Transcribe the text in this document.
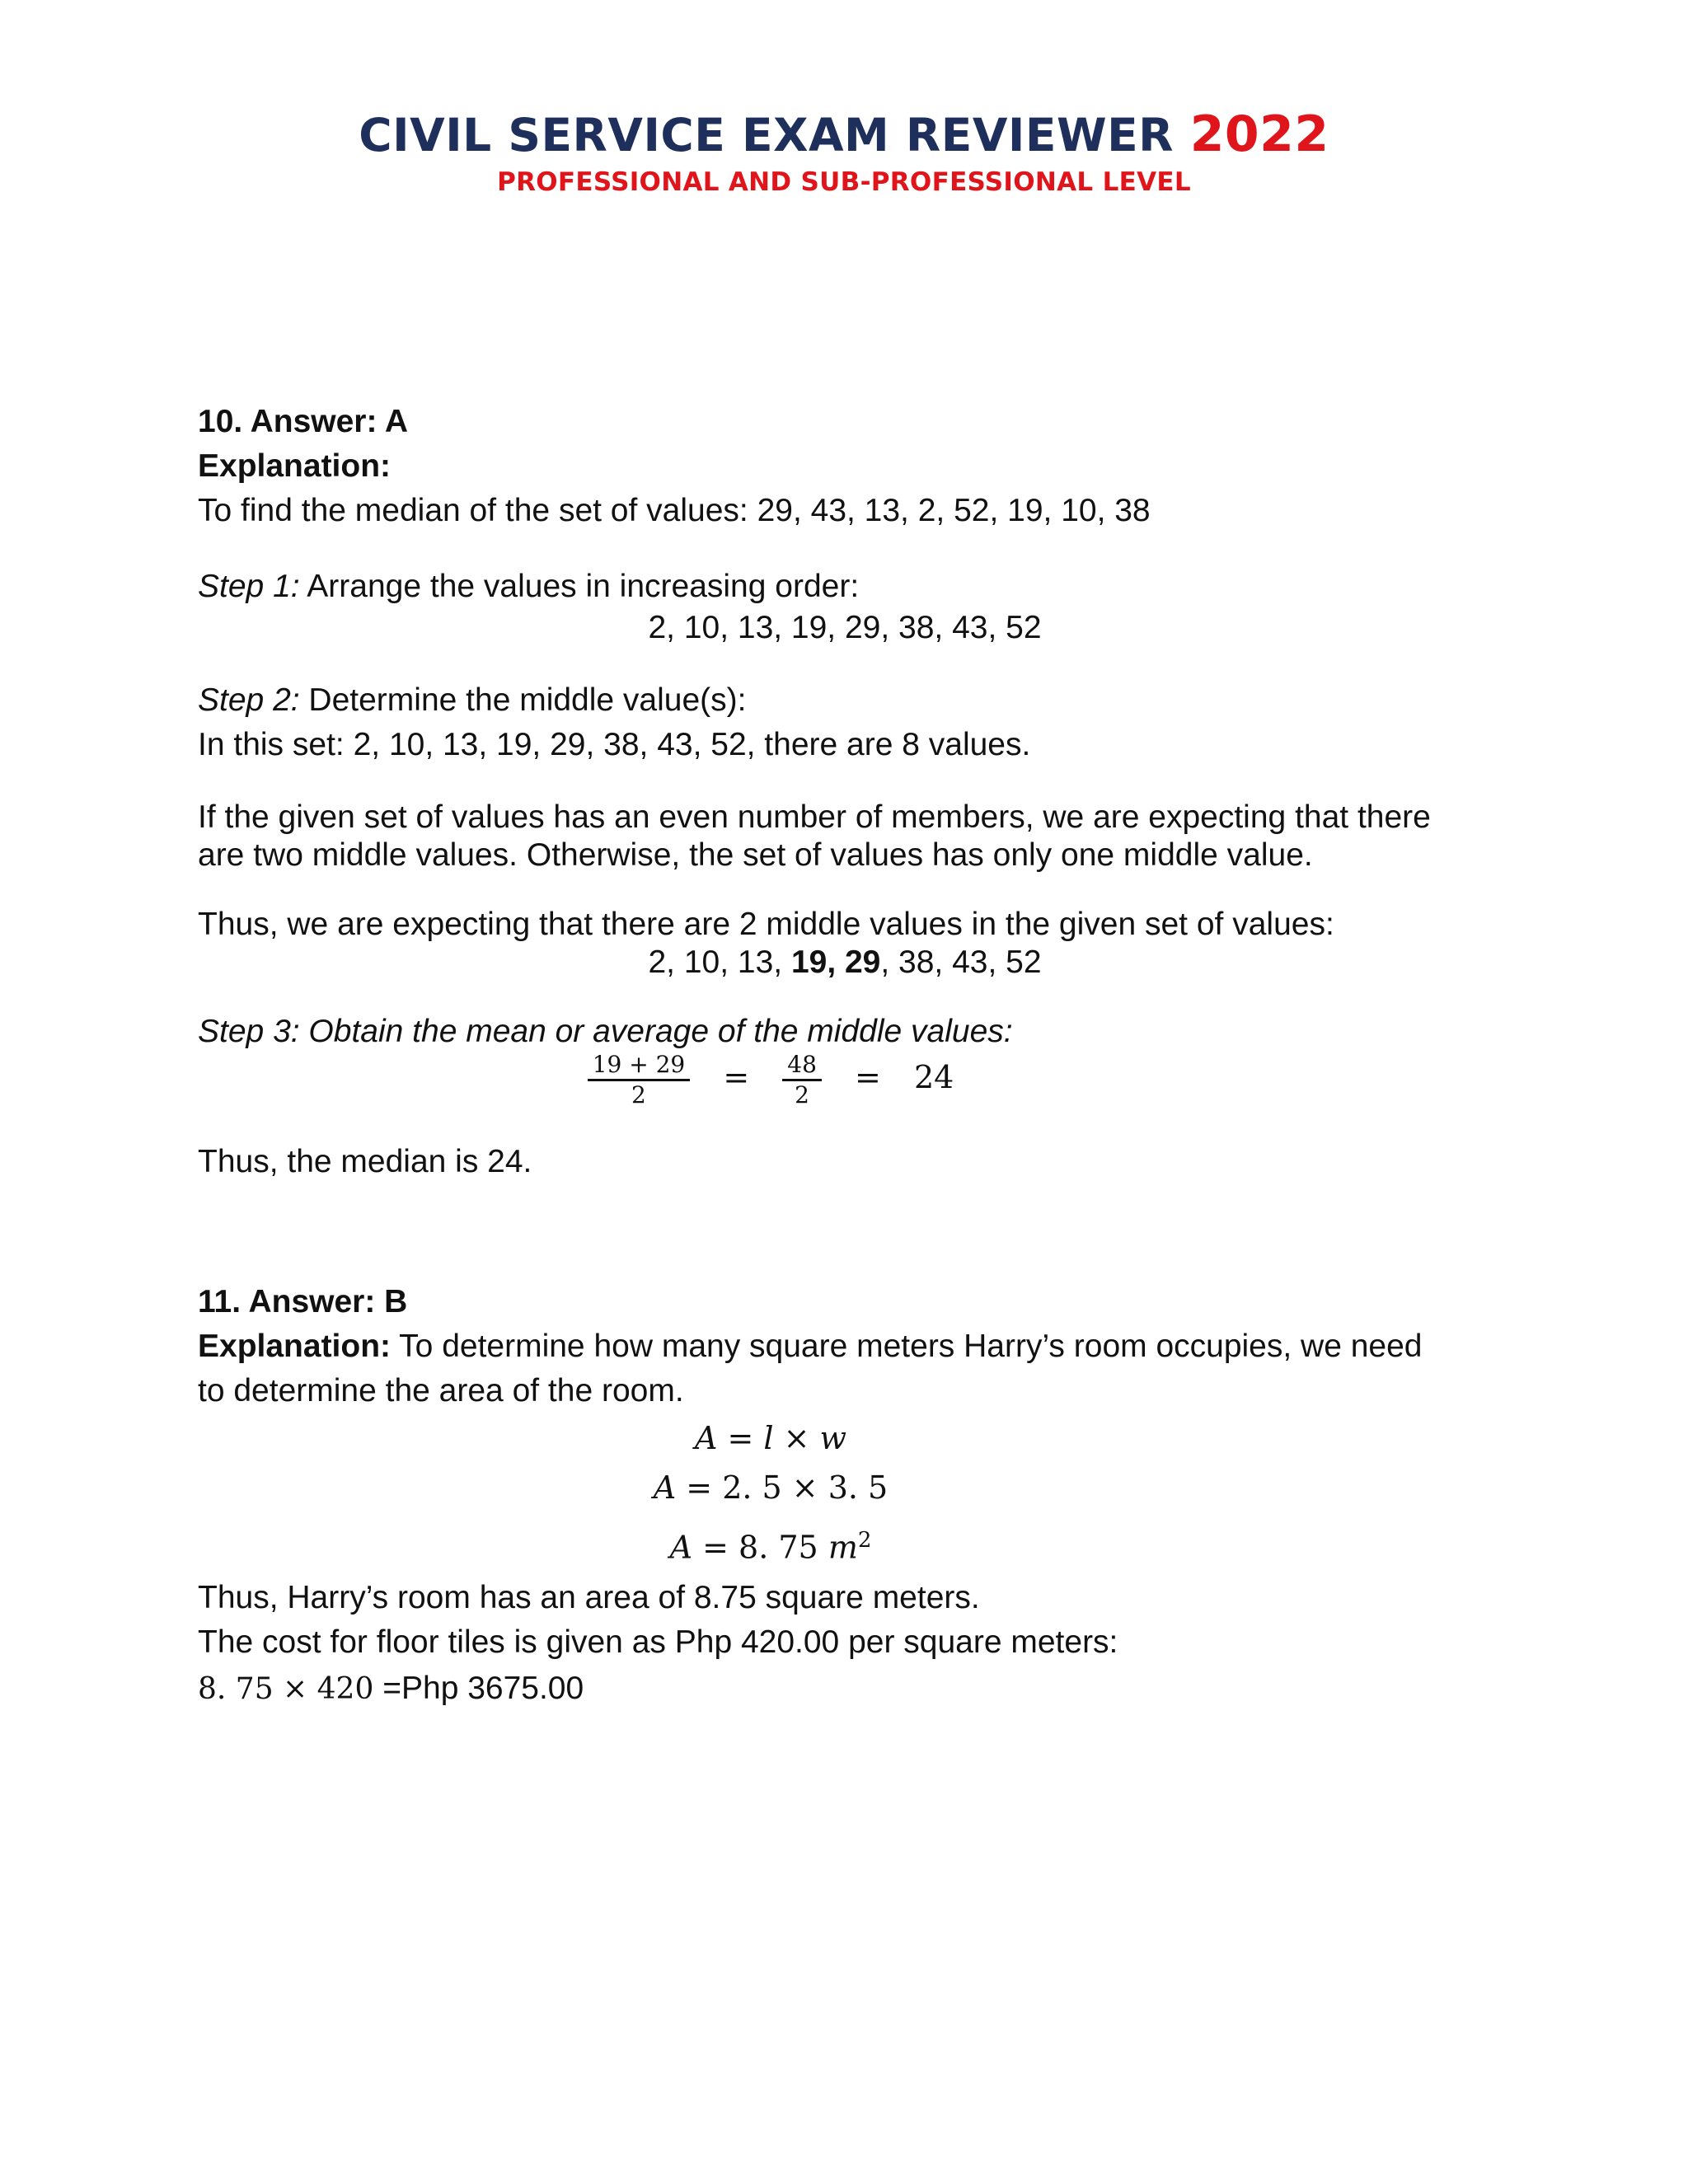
CIVIL SERVICE EXAM REVIEWER 2022
PROFESSIONAL AND SUB-PROFESSIONAL LEVEL
10. Answer: A
Explanation:
To find the median of the set of values: 29, 43, 13, 2, 52, 19, 10, 38
Step 1: Arrange the values in increasing order:
2, 10, 13, 19, 29, 38, 43, 52
Step 2: Determine the middle value(s):
In this set: 2, 10, 13, 19, 29, 38, 43, 52, there are 8 values.
If the given set of values has an even number of members, we are expecting that there
are two middle values. Otherwise, the set of values has only one middle value.
Thus, we are expecting that there are 2 middle values in the given set of values:
2, 10, 13, 19, 29, 38, 43, 52
Step 3: Obtain the mean or average of the middle values:
$\frac{19 + 29}{2} = \frac{48}{2} = 24$
Thus, the median is 24.
11. Answer: B
Explanation: To determine how many square meters Harry’s room occupies, we need
to determine the area of the room.
A = l × w
A = 2. 5 × 3. 5
A = 8. 75 $m^2$
Thus, Harry’s room has an area of 8.75 square meters.
The cost for floor tiles is given as Php 420.00 per square meters:
8. 75 × 420 =Php 3675.00
